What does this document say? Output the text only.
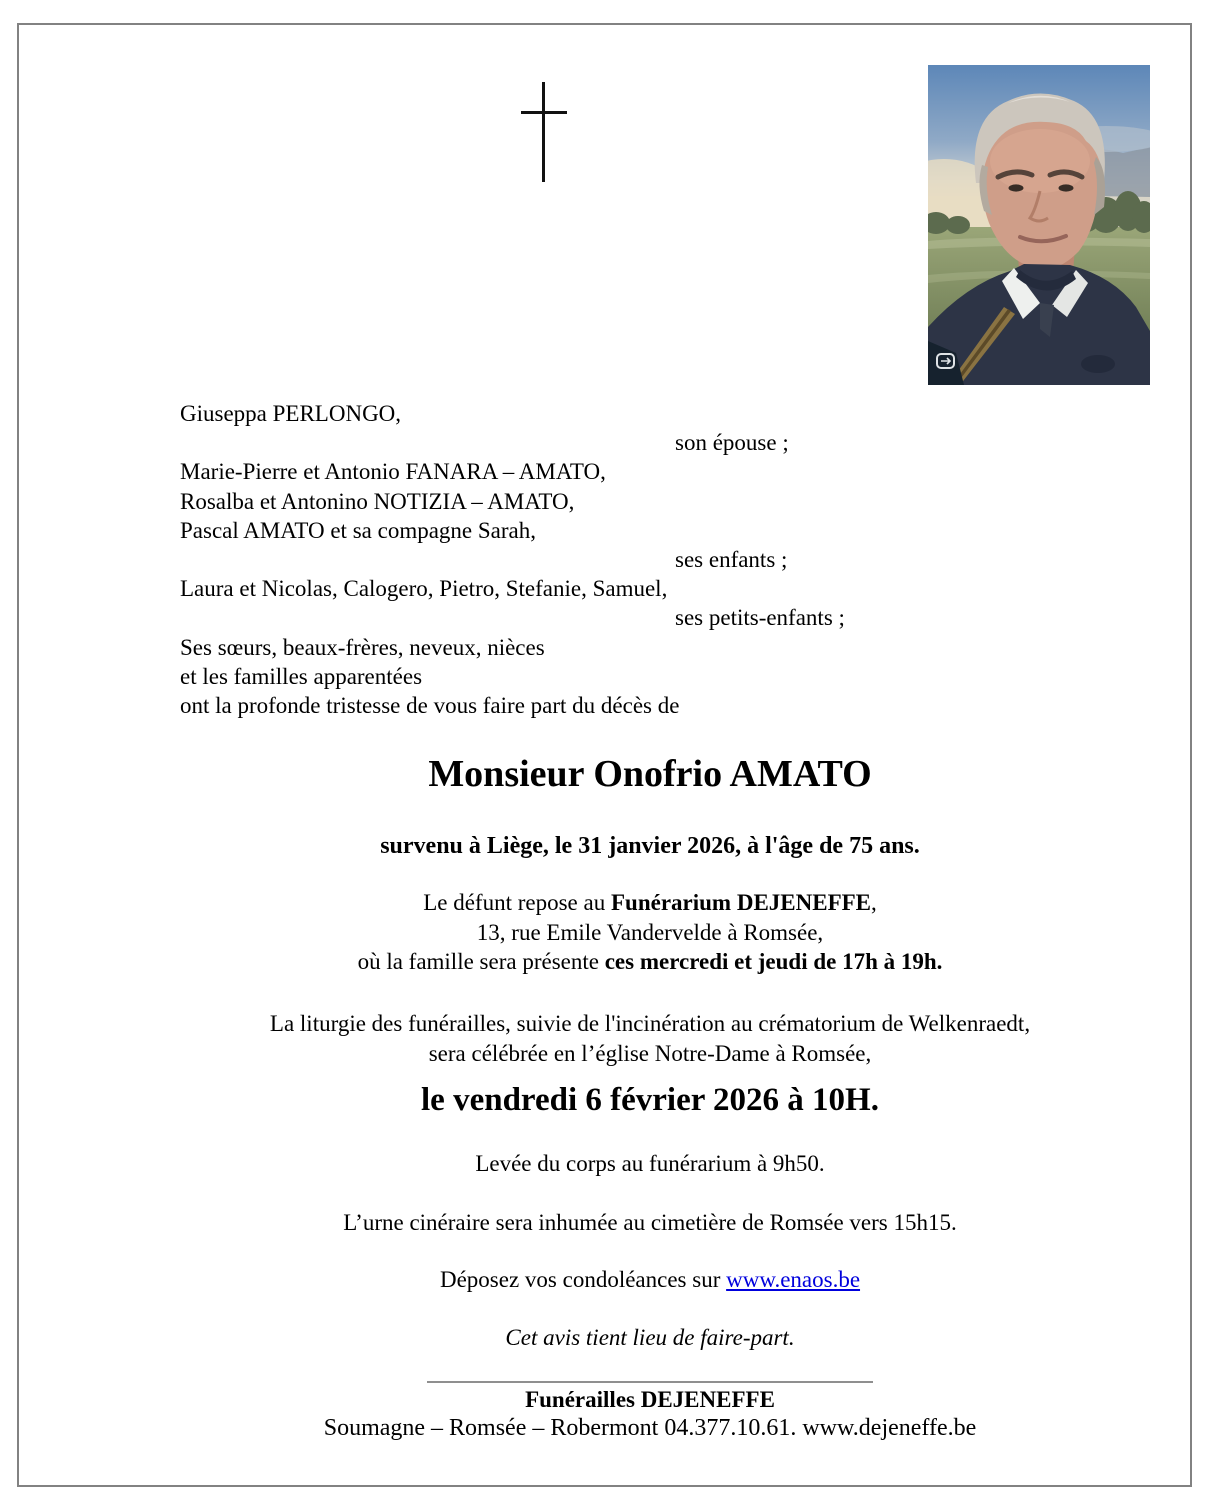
Giuseppa PERLONGO,
son épouse ;
Marie-Pierre et Antonio FANARA – AMATO,
Rosalba et Antonino NOTIZIA – AMATO,
Pascal AMATO et sa compagne Sarah,
ses enfants ;
Laura et Nicolas, Calogero, Pietro, Stefanie, Samuel,
ses petits-enfants ;
Ses sœurs, beaux-frères, neveux, nièces
et les familles apparentées
ont la profonde tristesse de vous faire part du décès de
Monsieur Onofrio AMATO
survenu à Liège, le 31 janvier 2026, à l'âge de 75 ans.
Le défunt repose au Funérarium DEJENEFFE,
13, rue Emile Vandervelde à Romsée,
où la famille sera présente ces mercredi et jeudi de 17h à 19h.
La liturgie des funérailles, suivie de l'incinération au crématorium de Welkenraedt,
sera célébrée en l’église Notre-Dame à Romsée,
le vendredi 6 février 2026 à 10H.
Levée du corps au funérarium à 9h50.
L’urne cinéraire sera inhumée au cimetière de Romsée vers 15h15.
Déposez vos condoléances sur www.enaos.be
Cet avis tient lieu de faire-part.
Funérailles DEJENEFFE
Soumagne – Romsée – Robermont 04.377.10.61. www.dejeneffe.be
